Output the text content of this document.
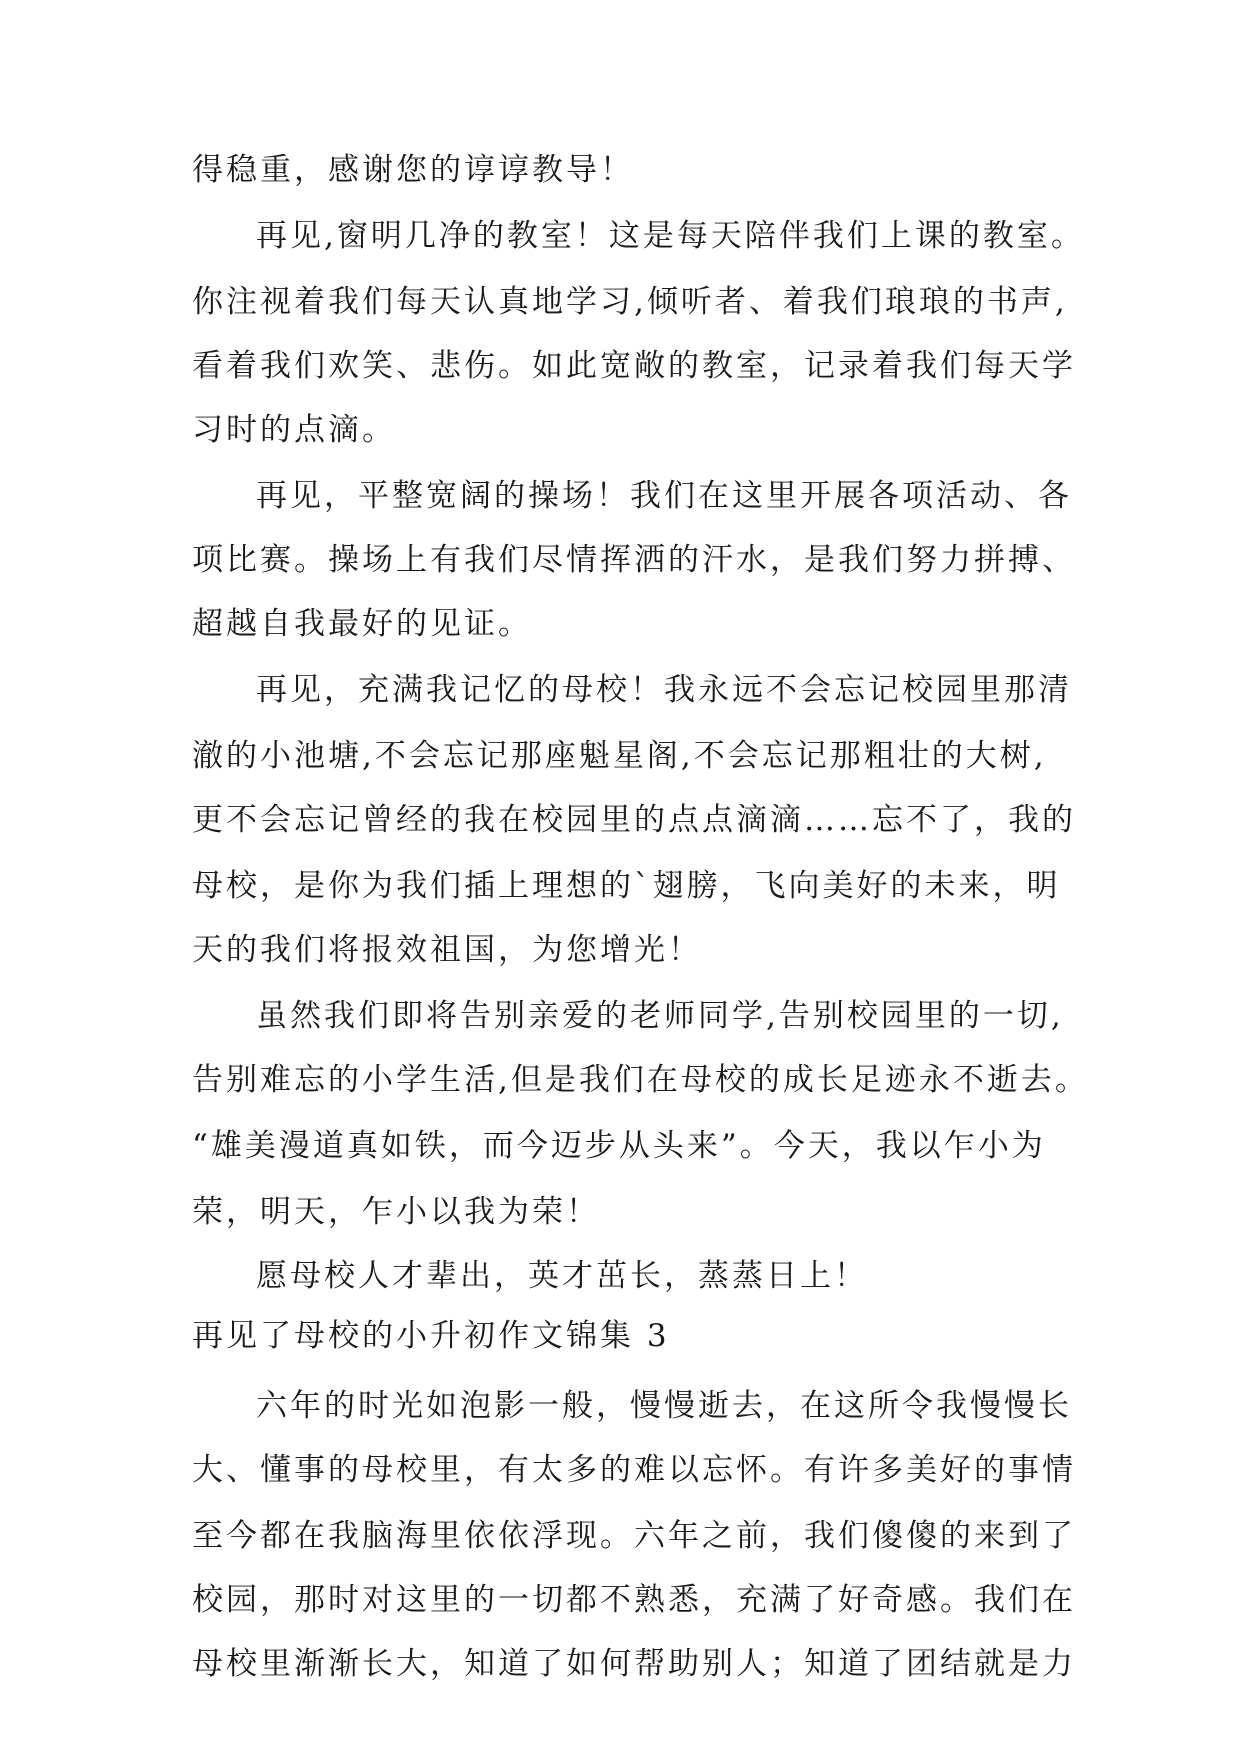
得稳重，感谢您的谆谆教导！
再见,窗明几净的教室！这是每天陪伴我们上课的教室。
你注视着我们每天认真地学习,倾听者、着我们琅琅的书声,
看着我们欢笑、悲伤。如此宽敞的教室，记录着我们每天学
习时的点滴。
再见，平整宽阔的操场！我们在这里开展各项活动、各
项比赛。操场上有我们尽情挥洒的汗水，是我们努力拼搏、
超越自我最好的见证。
再见，充满我记忆的母校！我永远不会忘记校园里那清
澈的小池塘,不会忘记那座魁星阁,不会忘记那粗壮的大树,
更不会忘记曾经的我在校园里的点点滴滴……忘不了，我的
母校，是你为我们插上理想的`翅膀，飞向美好的未来，明
天的我们将报效祖国，为您增光！
虽然我们即将告别亲爱的老师同学,告别校园里的一切,
告别难忘的小学生活,但是我们在母校的成长足迹永不逝去。
“雄美漫道真如铁，而今迈步从头来”。今天，我以乍小为
荣，明天，乍小以我为荣！
愿母校人才辈出，英才茁长，蒸蒸日上！
再见了母校的小升初作文锦集 3
六年的时光如泡影一般，慢慢逝去，在这所令我慢慢长
大、懂事的母校里，有太多的难以忘怀。有许多美好的事情
至今都在我脑海里依依浮现。六年之前，我们傻傻的来到了
校园，那时对这里的一切都不熟悉，充满了好奇感。我们在
母校里渐渐长大，知道了如何帮助别人；知道了团结就是力
